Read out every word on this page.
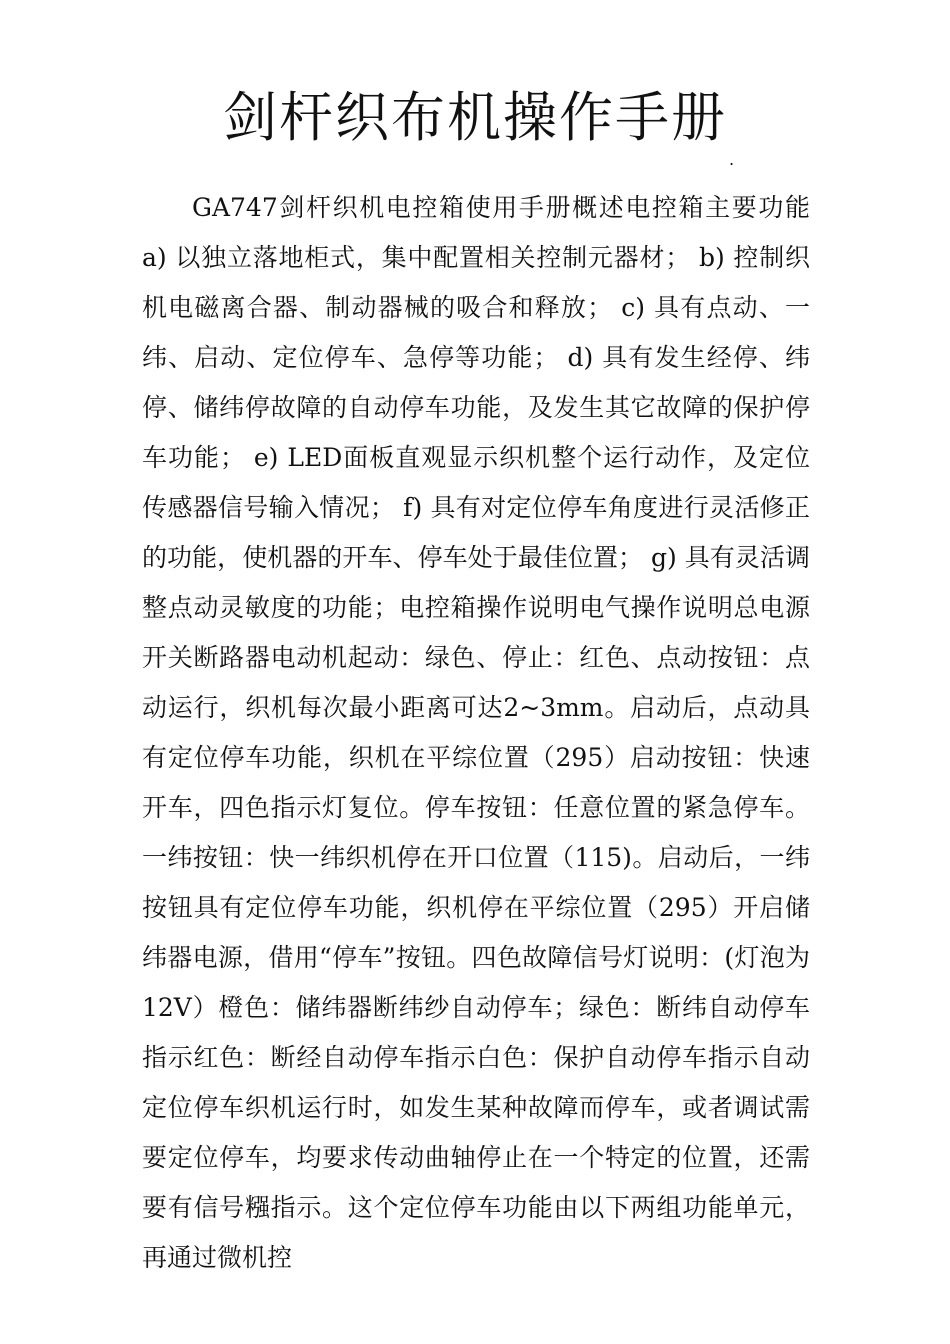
剑杆织布机操作手册
.

GA747剑杆织机电控箱使用手册概述电控箱主要功能 a) 以独立落地柜式，集中配置相关控制元器材； b) 控制织机电磁离合器、制动器械的吸合和释放； c) 具有点动、一纬、启动、定位停车、急停等功能； d) 具有发生经停、纬停、储纬停故障的自动停车功能，及发生其它故障的保护停车功能； e) LED面板直观显示织机整个运行动作，及定位传感器信号输入情况； f) 具有对定位停车角度进行灵活修正的功能，使机器的开车、停车处于最佳位置； g) 具有灵活调整点动灵敏度的功能；电控箱操作说明电气操作说明总电源开关断路器电动机起动：绿色、停止：红色、点动按钮：点动运行，织机每次最小距离可达2~3mm。启动后，点动具有定位停车功能，织机在平综位置（295）启动按钮：快速开车，四色指示灯复位。停车按钮：任意位置的紧急停车。一纬按钮：快一纬织机停在开口位置（115)。启动后，一纬按钮具有定位停车功能，织机停在平综位置（295）开启储纬器电源，借用“停车”按钮。四色故障信号灯说明：(灯泡为12V）橙色：储纬器断纬纱自动停车；绿色：断纬自动停车指示红色：断经自动停车指示白色：保护自动停车指示自动定位停车织机运行时，如发生某种故障而停车，或者调试需要定位停车，均要求传动曲轴停止在一个特定的位置，还需要有信号糨指示。这个定位停车功能由以下两组功能单元，再通过微机控
